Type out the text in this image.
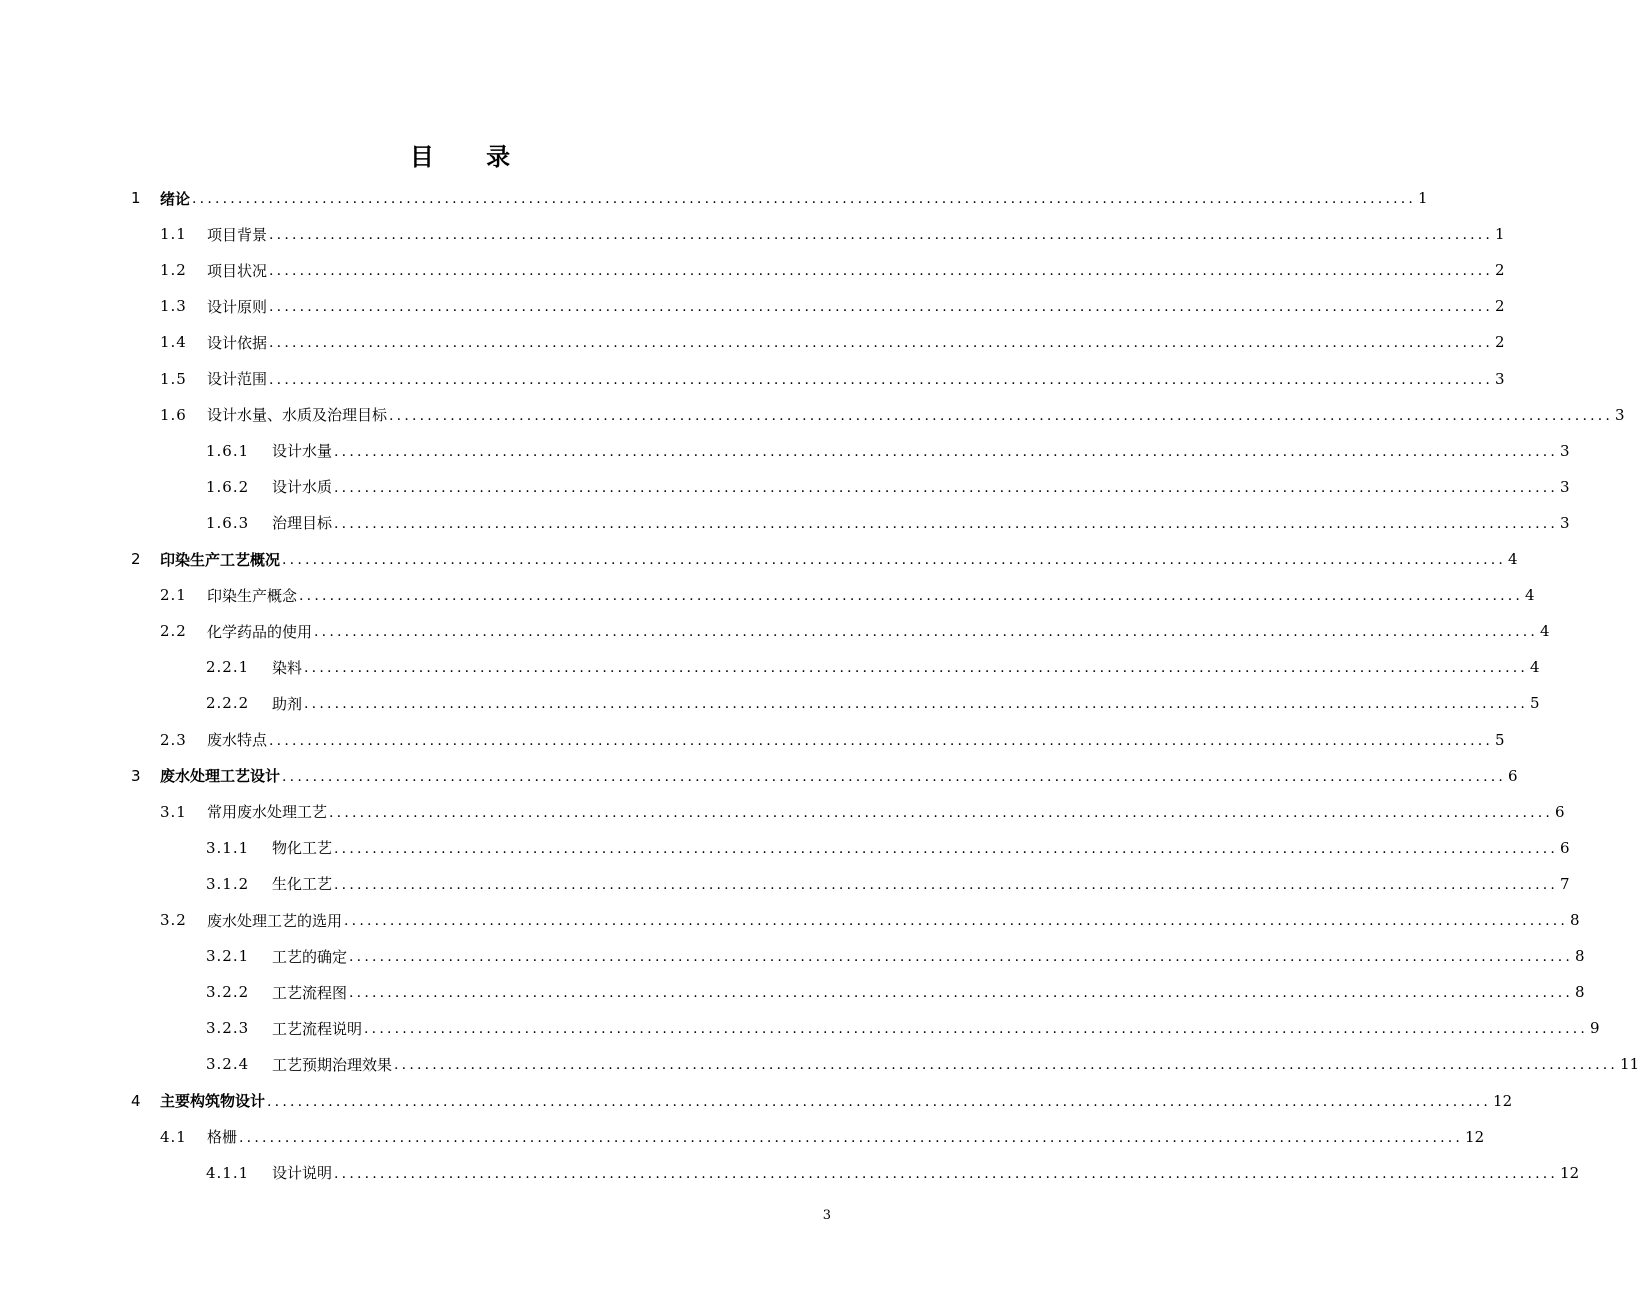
目 录
1	绪论 ................................................................................................................................................................ 1
1.1	项目背景 ................................................................................................................................................................ 1
1.2	项目状况 ................................................................................................................................................................ 2
1.3	设计原则 ................................................................................................................................................................ 2
1.4	设计依据 ................................................................................................................................................................ 2
1.5	设计范围 ................................................................................................................................................................ 3
1.6	设计水量、水质及治理目标 ................................................................................................................................................................ 3
1.6.1	设计水量 ................................................................................................................................................................ 3
1.6.2	设计水质 ................................................................................................................................................................ 3
1.6.3	治理目标 ................................................................................................................................................................ 3
2	印染生产工艺概况 ................................................................................................................................................................ 4
2.1	印染生产概念 ................................................................................................................................................................ 4
2.2	化学药品的使用 ................................................................................................................................................................ 4
2.2.1	染料 ................................................................................................................................................................ 4
2.2.2	助剂 ................................................................................................................................................................ 5
2.3	废水特点 ................................................................................................................................................................ 5
3	废水处理工艺设计 ................................................................................................................................................................ 6
3.1	常用废水处理工艺 ................................................................................................................................................................ 6
3.1.1	物化工艺 ................................................................................................................................................................ 6
3.1.2	生化工艺 ................................................................................................................................................................ 7
3.2	废水处理工艺的选用 ................................................................................................................................................................ 8
3.2.1	工艺的确定 ................................................................................................................................................................ 8
3.2.2	工艺流程图 ................................................................................................................................................................ 8
3.2.3	工艺流程说明 ................................................................................................................................................................ 9
3.2.4	工艺预期治理效果 ................................................................................................................................................................ 11
4	主要构筑物设计 ................................................................................................................................................................ 12
4.1	格栅 ................................................................................................................................................................ 12
4.1.1	设计说明 ................................................................................................................................................................ 12
3
